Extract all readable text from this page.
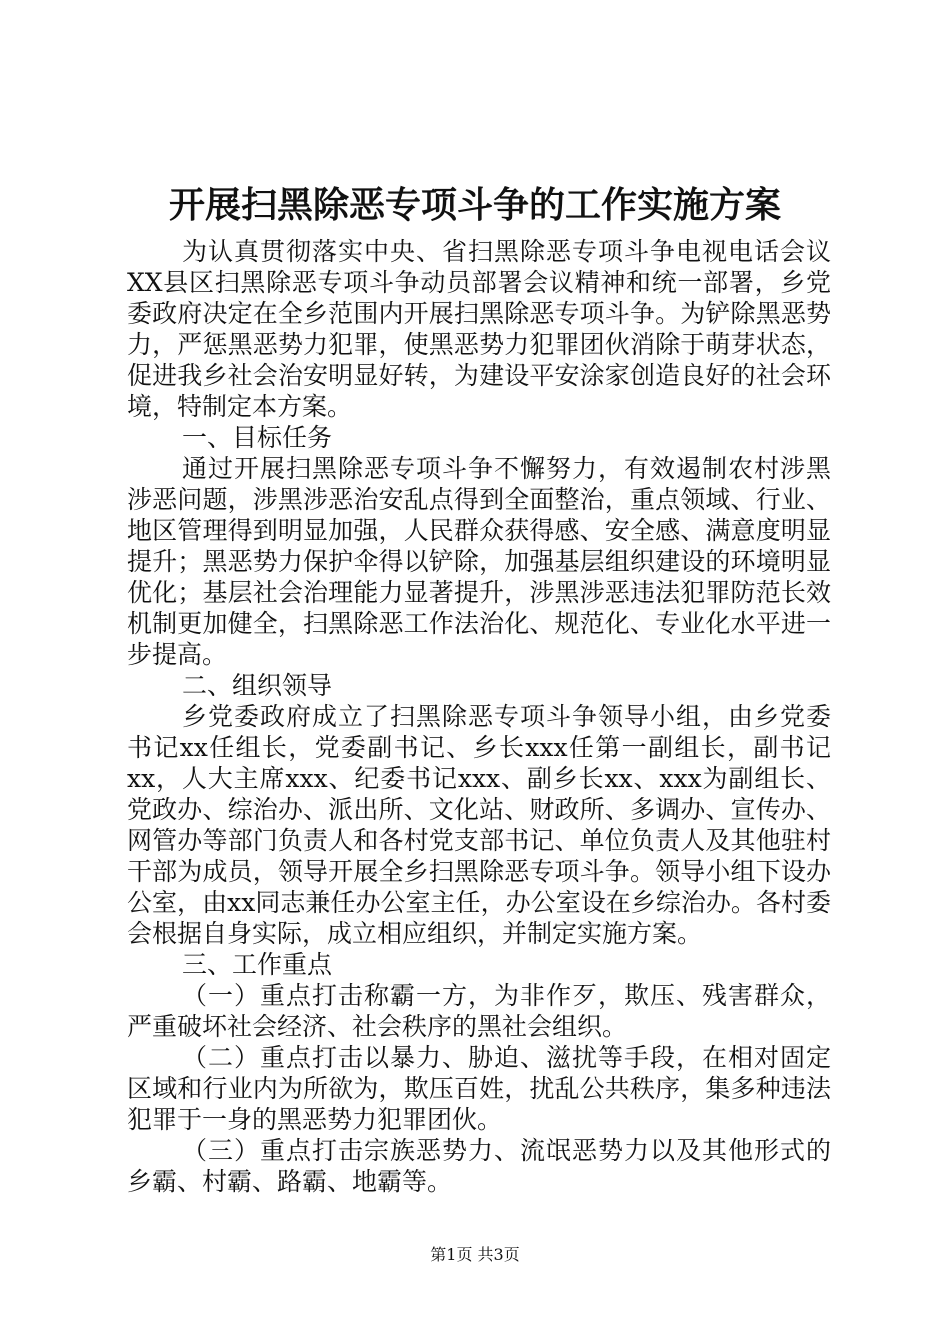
开展扫黑除恶专项斗争的工作实施方案

为认真贯彻落实中央、省扫黑除恶专项斗争电视电话会议XX县区扫黑除恶专项斗争动员部署会议精神和统一部署，乡党委政府决定在全乡范围内开展扫黑除恶专项斗争。为铲除黑恶势力，严惩黑恶势力犯罪，使黑恶势力犯罪团伙消除于萌芽状态，促进我乡社会治安明显好转，为建设平安涂家创造良好的社会环境，特制定本方案。

一、目标任务

通过开展扫黑除恶专项斗争不懈努力，有效遏制农村涉黑涉恶问题，涉黑涉恶治安乱点得到全面整治，重点领域、行业、地区管理得到明显加强，人民群众获得感、安全感、满意度明显提升；黑恶势力保护伞得以铲除，加强基层组织建设的环境明显优化；基层社会治理能力显著提升，涉黑涉恶违法犯罪防范长效机制更加健全，扫黑除恶工作法治化、规范化、专业化水平进一步提高。

二、组织领导

乡党委政府成立了扫黑除恶专项斗争领导小组，由乡党委书记xx任组长，党委副书记、乡长xxx任第一副组长，副书记xx，人大主席xxx、纪委书记xxx、副乡长xx、xxx为副组长、党政办、综治办、派出所、文化站、财政所、多调办、宣传办、网管办等部门负责人和各村党支部书记、单位负责人及其他驻村干部为成员，领导开展全乡扫黑除恶专项斗争。领导小组下设办公室，由xx同志兼任办公室主任，办公室设在乡综治办。各村委会根据自身实际，成立相应组织，并制定实施方案。

三、工作重点

（一）重点打击称霸一方，为非作歹，欺压、残害群众，严重破坏社会经济、社会秩序的黑社会组织。

（二）重点打击以暴力、胁迫、滋扰等手段，在相对固定区域和行业内为所欲为，欺压百姓，扰乱公共秩序，集多种违法犯罪于一身的黑恶势力犯罪团伙。

（三）重点打击宗族恶势力、流氓恶势力以及其他形式的乡霸、村霸、路霸、地霸等。

第1页 共3页
